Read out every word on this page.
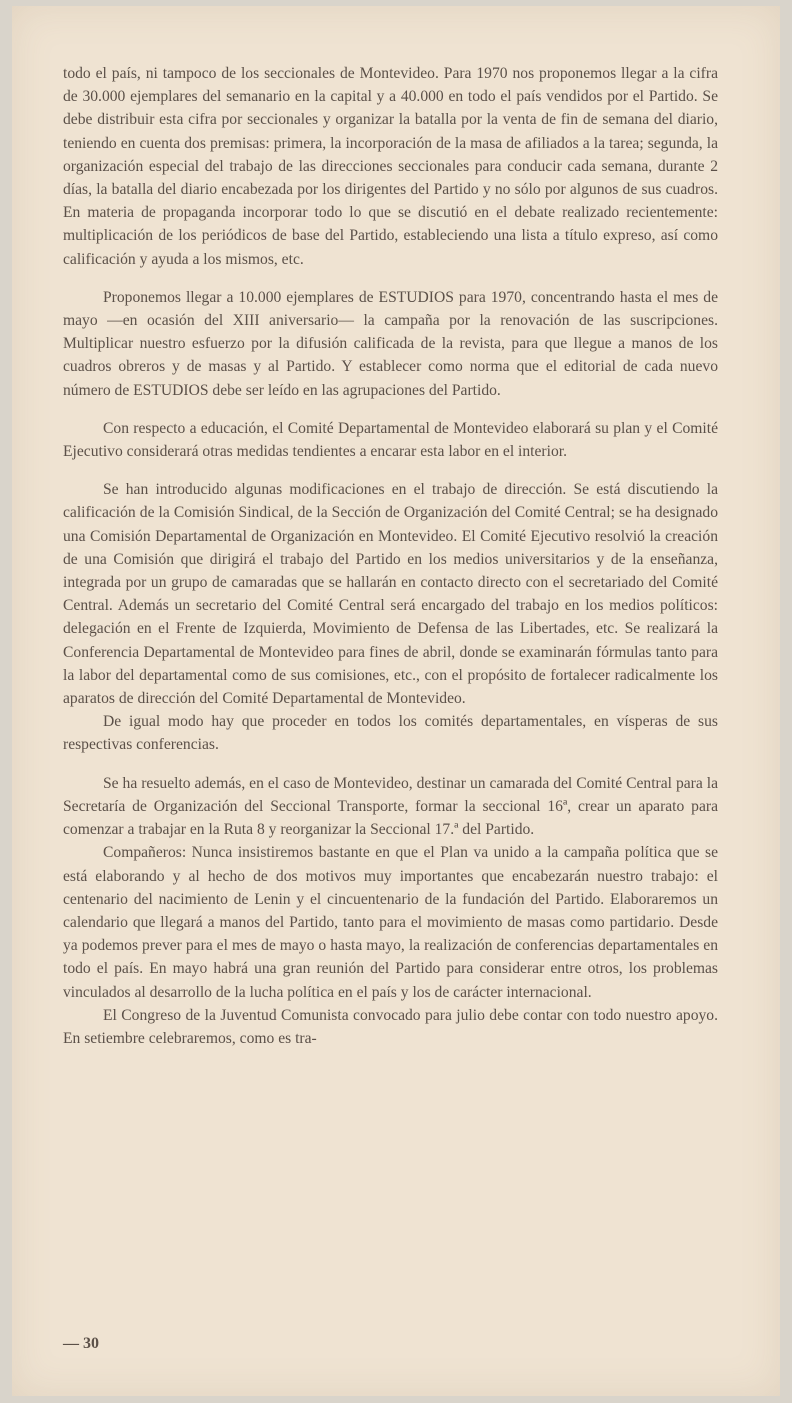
todo el país, ni tampoco de los seccionales de Montevideo. Para 1970 nos proponemos llegar a la cifra de 30.000 ejemplares del semanario en la capital y a 40.000 en todo el país vendidos por el Partido. Se debe distribuir esta cifra por seccionales y organizar la batalla por la venta de fin de semana del diario, teniendo en cuenta dos premisas: primera, la incorporación de la masa de afiliados a la tarea; segunda, la organización especial del trabajo de las direcciones seccionales para conducir cada semana, durante 2 días, la batalla del diario encabezada por los dirigentes del Partido y no sólo por algunos de sus cuadros. En materia de propaganda incorporar todo lo que se discutió en el debate realizado recientemente: multiplicación de los periódicos de base del Partido, estableciendo una lista a título expreso, así como calificación y ayuda a los mismos, etc.

Proponemos llegar a 10.000 ejemplares de ESTUDIOS para 1970, concentrando hasta el mes de mayo —en ocasión del XIII aniversario— la campaña por la renovación de las suscripciones. Multiplicar nuestro esfuerzo por la difusión calificada de la revista, para que llegue a manos de los cuadros obreros y de masas y al Partido. Y establecer como norma que el editorial de cada nuevo número de ESTUDIOS debe ser leído en las agrupaciones del Partido.

Con respecto a educación, el Comité Departamental de Montevideo elaborará su plan y el Comité Ejecutivo considerará otras medidas tendientes a encarar esta labor en el interior.

Se han introducido algunas modificaciones en el trabajo de dirección. Se está discutiendo la calificación de la Comisión Sindical, de la Sección de Organización del Comité Central; se ha designado una Comisión Departamental de Organización en Montevideo. El Comité Ejecutivo resolvió la creación de una Comisión que dirigirá el trabajo del Partido en los medios universitarios y de la enseñanza, integrada por un grupo de camaradas que se hallarán en contacto directo con el secretariado del Comité Central. Además un secretario del Comité Central será encargado del trabajo en los medios políticos: delegación en el Frente de Izquierda, Movimiento de Defensa de las Libertades, etc. Se realizará la Conferencia Departamental de Montevideo para fines de abril, donde se examinarán fórmulas tanto para la labor del departamental como de sus comisiones, etc., con el propósito de fortalecer radicalmente los aparatos de dirección del Comité Departamental de Montevideo.

De igual modo hay que proceder en todos los comités departamentales, en vísperas de sus respectivas conferencias.

Se ha resuelto además, en el caso de Montevideo, destinar un camarada del Comité Central para la Secretaría de Organización del Seccional Transporte, formar la seccional 16ª, crear un aparato para comenzar a trabajar en la Ruta 8 y reorganizar la Seccional 17.ª del Partido.

Compañeros: Nunca insistiremos bastante en que el Plan va unido a la campaña política que se está elaborando y al hecho de dos motivos muy importantes que encabezarán nuestro trabajo: el centenario del nacimiento de Lenin y el cincuentenario de la fundación del Partido. Elaboraremos un calendario que llegará a manos del Partido, tanto para el movimiento de masas como partidario. Desde ya podemos prever para el mes de mayo o hasta mayo, la realización de conferencias departamentales en todo el país. En mayo habrá una gran reunión del Partido para considerar entre otros, los problemas vinculados al desarrollo de la lucha política en el país y los de carácter internacional.

El Congreso de la Juventud Comunista convocado para julio debe contar con todo nuestro apoyo. En setiembre celebraremos, como es tra-

— 30
